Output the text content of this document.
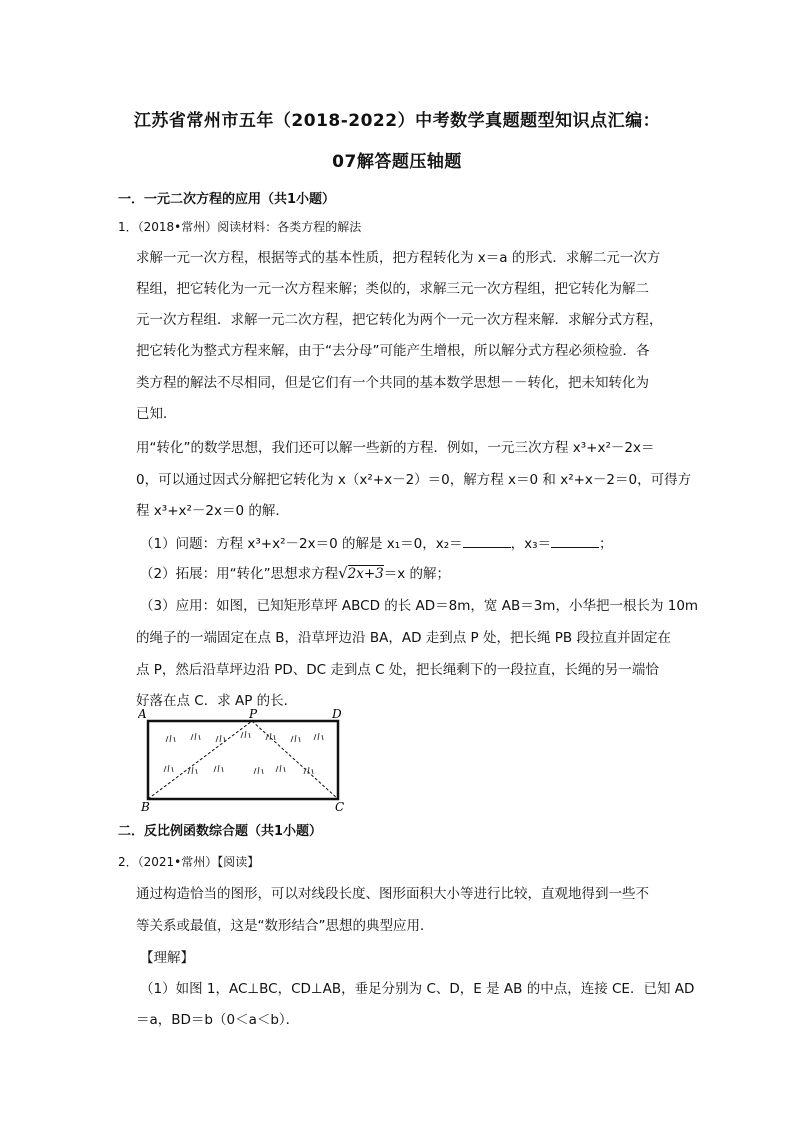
江苏省常州市五年（2018-2022）中考数学真题题型知识点汇编：
07解答题压轴题
一．一元二次方程的应用（共1小题）
1．（2018•常州）阅读材料：各类方程的解法
求解一元一次方程，根据等式的基本性质，把方程转化为 x＝a 的形式．求解二元一次方
程组，把它转化为一元一次方程来解；类似的，求解三元一次方程组，把它转化为解二
元一次方程组．求解一元二次方程，把它转化为两个一元一次方程来解．求解分式方程，
把它转化为整式方程来解，由于“去分母”可能产生增根，所以解分式方程必须检验．各
类方程的解法不尽相同，但是它们有一个共同的基本数学思想－－转化，把未知转化为
已知．
用“转化”的数学思想，我们还可以解一些新的方程．例如，一元三次方程 x³+x²－2x＝
0，可以通过因式分解把它转化为 x（x²+x－2）＝0，解方程 x＝0 和 x²+x－2＝0，可得方
程 x³+x²－2x＝0 的解．
（1）问题：方程 x³+x²－2x＝0 的解是 x₁＝0，x₂＝	，x₃＝	；
（2）拓展：用“转化”思想求方程√2x+3＝x 的解；
（3）应用：如图，已知矩形草坪 ABCD 的长 AD＝8m，宽 AB＝3m，小华把一根长为 10m
的绳子的一端固定在点 B，沿草坪边沿 BA，AD 走到点 P 处，把长绳 PB 段拉直并固定在
点 P，然后沿草坪边沿 PD、DC 走到点 C 处，把长绳剩下的一段拉直，长绳的另一端恰
好落在点 C．求 AP 的长．
A	P	D
B	C
二．反比例函数综合题（共1小题）
2．（2021•常州）【阅读】
通过构造恰当的图形，可以对线段长度、图形面积大小等进行比较，直观地得到一些不
等关系或最值，这是“数形结合”思想的典型应用．
【理解】
（1）如图 1，AC⊥BC，CD⊥AB，垂足分别为 C、D，E 是 AB 的中点，连接 CE．已知 AD
＝a，BD＝b（0＜a＜b）．
